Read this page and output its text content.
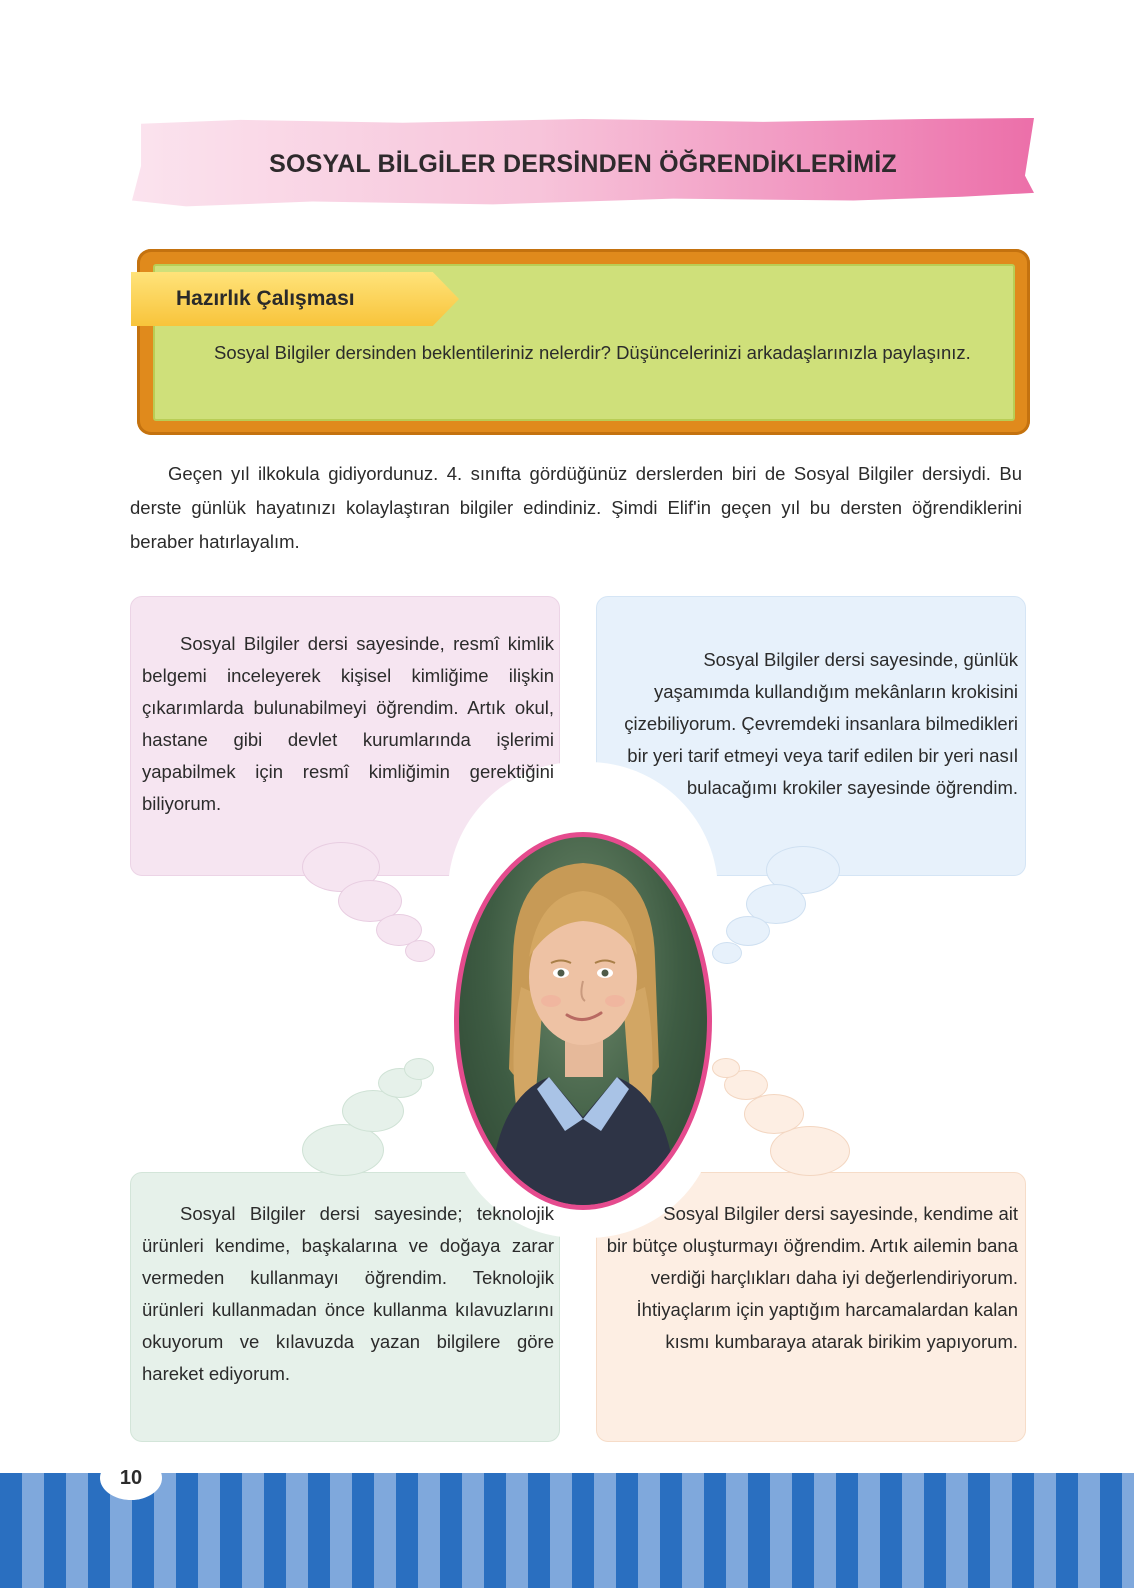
SOSYAL BİLGİLER DERSİNDEN ÖĞRENDİKLERİMİZ
Hazırlık Çalışması

Sosyal Bilgiler dersinden beklentileriniz nelerdir? Düşüncelerinizi arkadaşlarınızla paylaşınız.

Geçen yıl ilkokula gidiyordunuz. 4. sınıfta gördüğünüz derslerden biri de Sosyal Bilgiler dersiydi. Bu derste günlük hayatınızı kolaylaştıran bilgiler edindiniz. Şimdi Elif'in geçen yıl bu dersten öğrendiklerini beraber hatırlayalım.

Sosyal Bilgiler dersi sayesinde, resmî kimlik belgemi inceleyerek kişisel kimliğime ilişkin çıkarımlarda bulunabilmeyi öğrendim. Artık okul, hastane gibi devlet kurumlarında işlerimi yapabilmek için resmî kimliğimin gerektiğini biliyorum.

Sosyal Bilgiler dersi sayesinde, günlük yaşamımda kullandığım mekânların krokisini çizebiliyorum. Çevremdeki insanlara bilmedikleri bir yeri tarif etmeyi veya tarif edilen bir yeri nasıl bulacağımı krokiler sayesinde öğrendim.

Sosyal Bilgiler dersi sayesinde; teknolojik ürünleri kendime, başkalarına ve doğaya zarar vermeden kullanmayı öğrendim. Teknolojik ürünleri kullanmadan önce kullanma kılavuzlarını okuyorum ve kılavuzda yazan bilgilere göre hareket ediyorum.

Sosyal Bilgiler dersi sayesinde, kendime ait bir bütçe oluşturmayı öğrendim. Artık ailemin bana verdiği harçlıkları daha iyi değerlendiriyorum. İhtiyaçlarım için yaptığım harcamalardan kalan kısmı kumbaraya atarak birikim yapıyorum.

10
